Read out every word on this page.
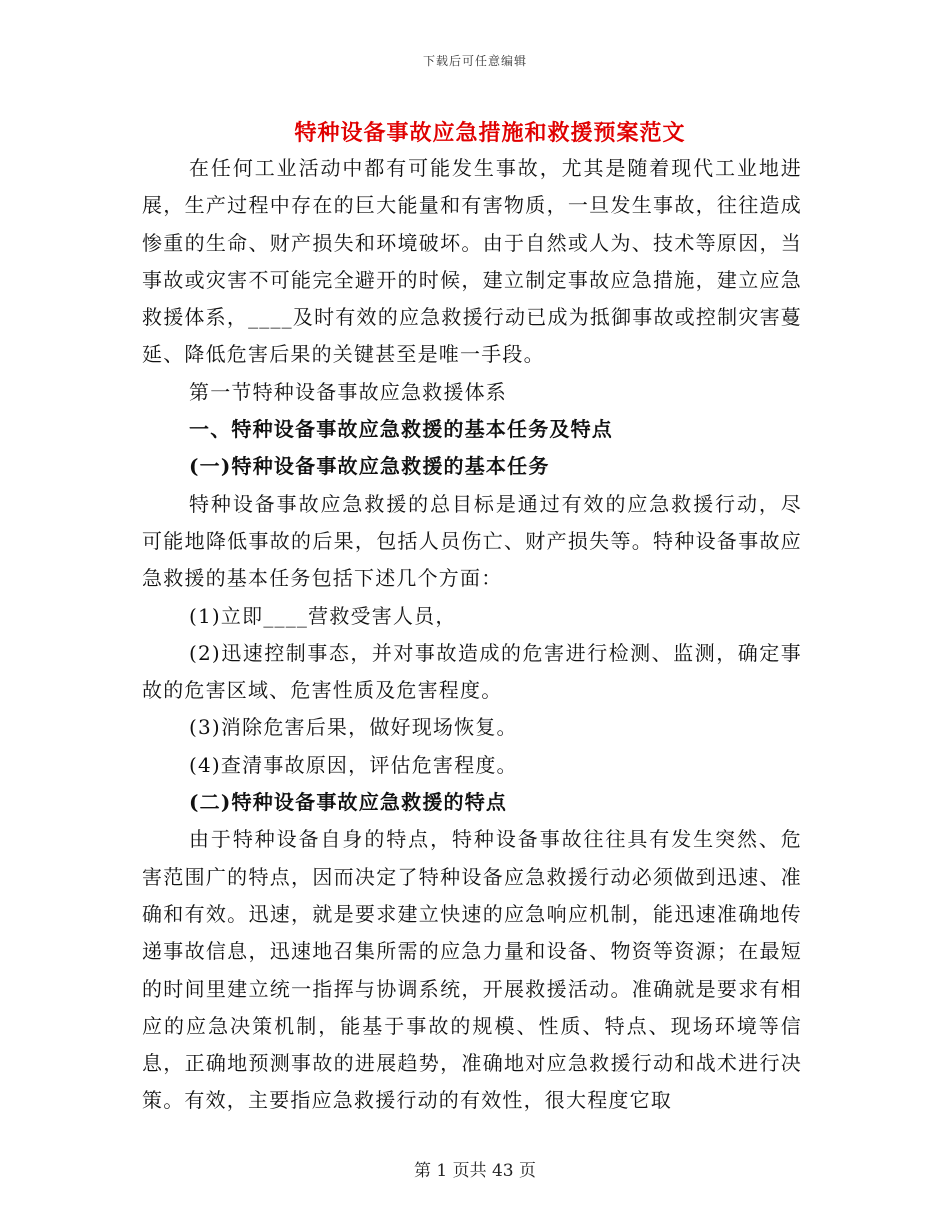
下载后可任意编辑
特种设备事故应急措施和救援预案范文

在任何工业活动中都有可能发生事故，尤其是随着现代工业地进展，生产过程中存在的巨大能量和有害物质，一旦发生事故，往往造成惨重的生命、财产损失和环境破坏。由于自然或人为、技术等原因，当事故或灾害不可能完全避开的时候，建立制定事故应急措施，建立应急救援体系，____及时有效的应急救援行动已成为抵御事故或控制灾害蔓延、降低危害后果的关键甚至是唯一手段。

第一节特种设备事故应急救援体系

一、特种设备事故应急救援的基本任务及特点

(一)特种设备事故应急救援的基本任务

特种设备事故应急救援的总目标是通过有效的应急救援行动，尽可能地降低事故的后果，包括人员伤亡、财产损失等。特种设备事故应急救援的基本任务包括下述几个方面：

(1)立即____营救受害人员，

(2)迅速控制事态，并对事故造成的危害进行检测、监测，确定事故的危害区域、危害性质及危害程度。

(3)消除危害后果，做好现场恢复。

(4)查清事故原因，评估危害程度。

(二)特种设备事故应急救援的特点

由于特种设备自身的特点，特种设备事故往往具有发生突然、危害范围广的特点，因而决定了特种设备应急救援行动必须做到迅速、准确和有效。迅速，就是要求建立快速的应急响应机制，能迅速准确地传递事故信息，迅速地召集所需的应急力量和设备、物资等资源；在最短的时间里建立统一指挥与协调系统，开展救援活动。准确就是要求有相应的应急决策机制，能基于事故的规模、性质、特点、现场环境等信息，正确地预测事故的进展趋势，准确地对应急救援行动和战术进行决策。有效，主要指应急救援行动的有效性，很大程度它取

第 1 页共 43 页
